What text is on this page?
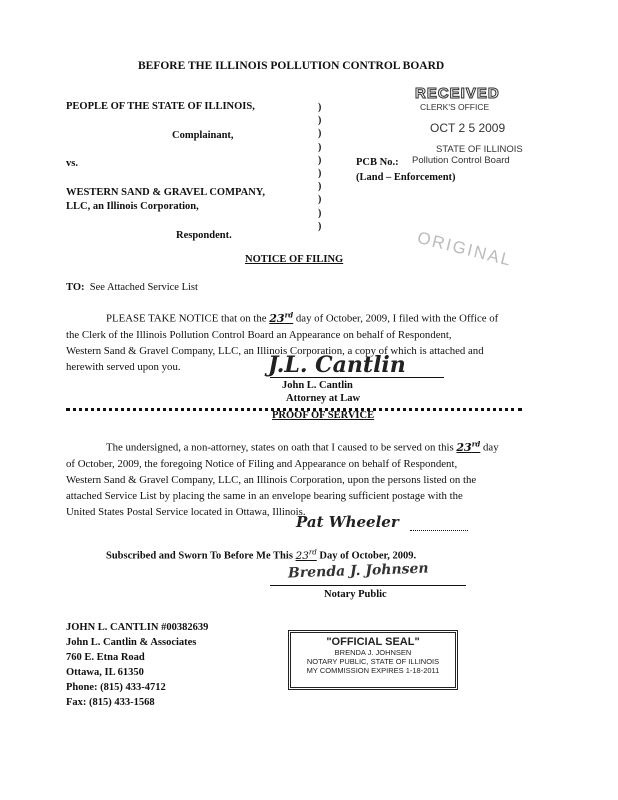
BEFORE THE ILLINOIS POLLUTION CONTROL BOARD
PEOPLE OF THE STATE OF ILLINOIS,
Complainant,
vs.
WESTERN SAND & GRAVEL COMPANY,
LLC, an Illinois Corporation,
Respondent.
)
)
)
)
)
)
)
)
)
)
PCB No.:
(Land – Enforcement)
RECEIVED
CLERK'S OFFICE
OCT 2 5 2009
STATE OF ILLINOIS
Pollution Control Board
ORIGINAL
NOTICE OF FILING
TO: See Attached Service List
PLEASE TAKE NOTICE that on the 23rd day of October, 2009, I filed with the Office of
the Clerk of the Illinois Pollution Control Board an Appearance on behalf of Respondent,
Western Sand & Gravel Company, LLC, an Illinois Corporation, a copy of which is attached and
herewith served upon you.	J.L. Cantlin
John L. Cantlin
Attorney at Law
PROOF OF SERVICE
The undersigned, a non-attorney, states on oath that I caused to be served on this 23rd day
of October, 2009, the foregoing Notice of Filing and Appearance on behalf of Respondent,
Western Sand & Gravel Company, LLC, an Illinois Corporation, upon the persons listed on the
attached Service List by placing the same in an envelope bearing sufficient postage with the
United States Postal Service located in Ottawa, Illinois.
Pat Wheeler
Subscribed and Sworn To Before Me This 23rd Day of October, 2009.
Brenda J. Johnsen
Notary Public
JOHN L. CANTLIN #00382639
John L. Cantlin & Associates
760 E. Etna Road
Ottawa, IL 61350
Phone: (815) 433-4712
Fax: (815) 433-1568
"OFFICIAL SEAL"
BRENDA J. JOHNSEN
NOTARY PUBLIC, STATE OF ILLINOIS
MY COMMISSION EXPIRES 1-18-2011
